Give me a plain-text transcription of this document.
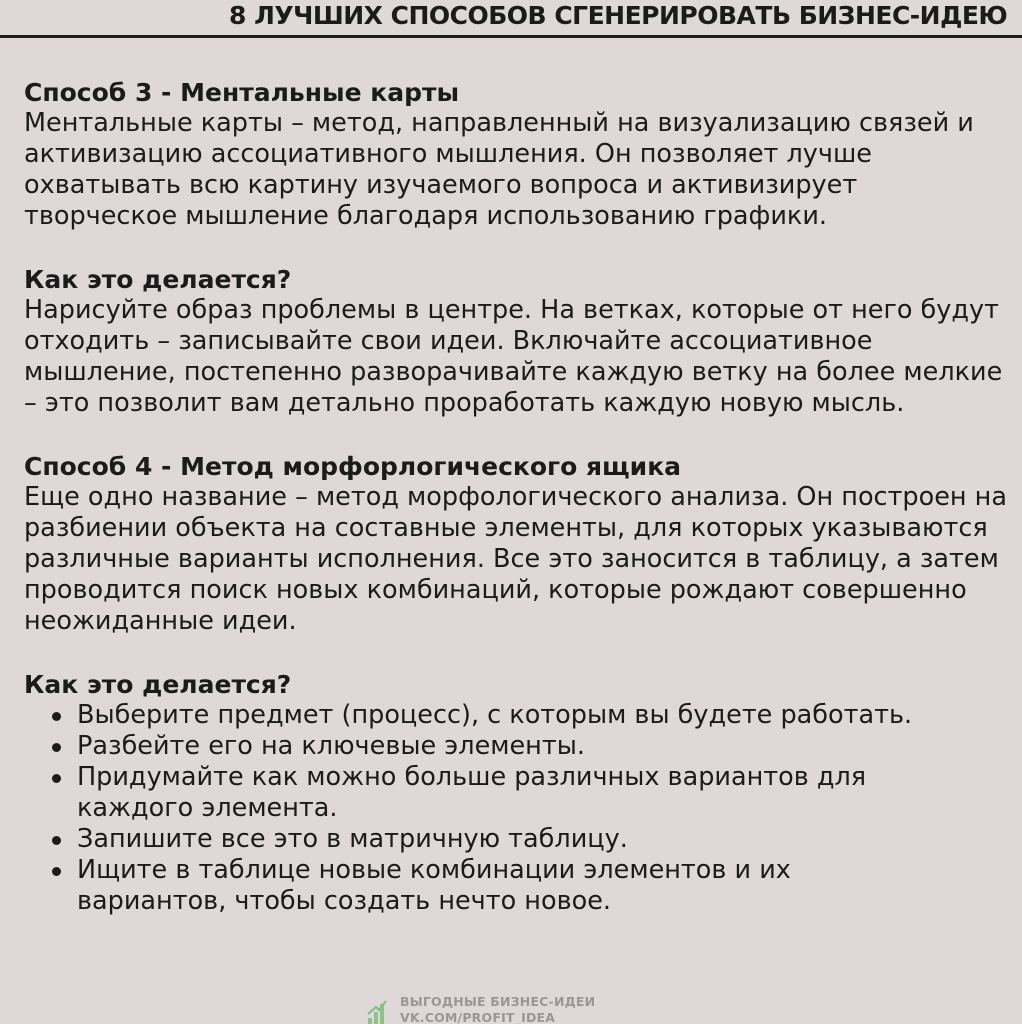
8 ЛУЧШИХ СПОСОБОВ СГЕНЕРИРОВАТЬ БИЗНЕС-ИДЕЮ

Способ 3 - Ментальные карты

Ментальные карты – метод, направленный на визуализацию связей и активизацию ассоциативного мышления. Он позволяет лучше охватывать всю картину изучаемого вопроса и активизирует творческое мышление благодаря использованию графики.

Как это делается?

Нарисуйте образ проблемы в центре. На ветках, которые от него будут отходить – записывайте свои идеи. Включайте ассоциативное мышление, постепенно разворачивайте каждую ветку на более мелкие – это позволит вам детально проработать каждую новую мысль.

Способ 4 - Метод морфорлогического ящика

Еще одно название – метод морфологического анализа. Он построен на разбиении объекта на составные элементы, для которых указываются различные варианты исполнения. Все это заносится в таблицу, а затем проводится поиск новых комбинаций, которые рождают совершенно неожиданные идеи.

Как это делается?

Выберите предмет (процесс), с которым вы будете работать.
Разбейте его на ключевые элементы.
Придумайте как можно больше различных вариантов для каждого элемента.
Запишите все это в матричную таблицу.
Ищите в таблице новые комбинации элементов и их вариантов, чтобы создать нечто новое.
ВЫГОДНЫЕ БИЗНЕС-ИДЕИ
VK.COM/PROFIT_IDEA
